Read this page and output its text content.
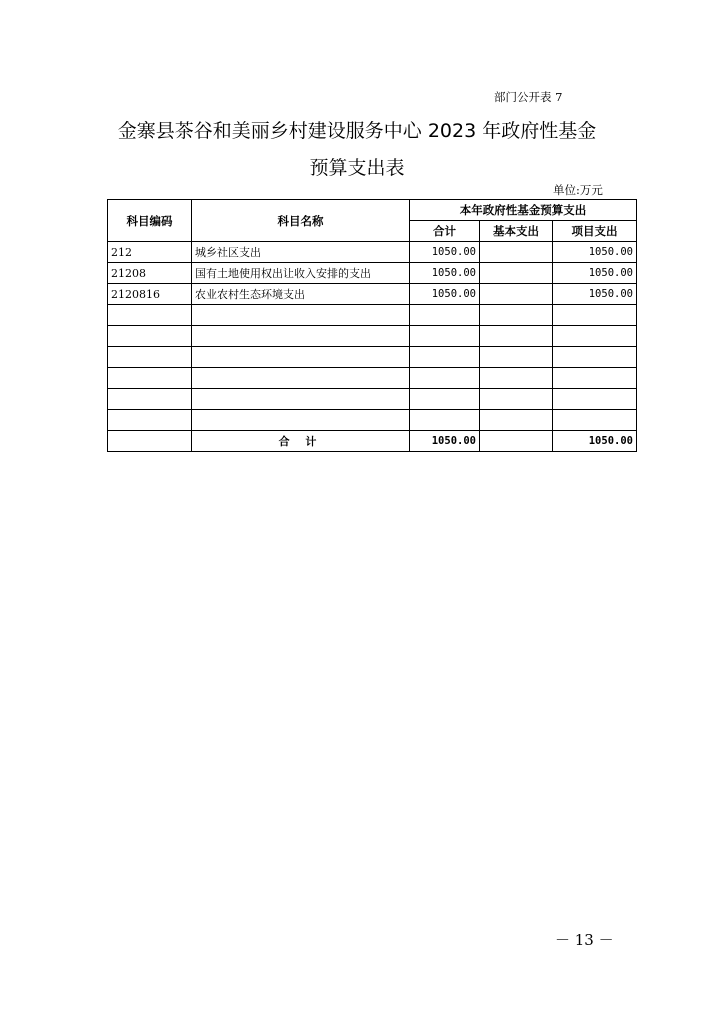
部门公开表 7
金寨县茶谷和美丽乡村建设服务中心 2023 年政府性基金
预算支出表
单位:万元
科目编码	科目名称	本年政府性基金预算支出		
		合计	基本支出	项目支出
212	城乡社区支出	1050.00		1050.00
21208	国有土地使用权出让收入安排的支出	1050.00		1050.00
2120816	农业农村生态环境支出	1050.00		1050.00

	合 计	1050.00		1050.00
－ 13 －
